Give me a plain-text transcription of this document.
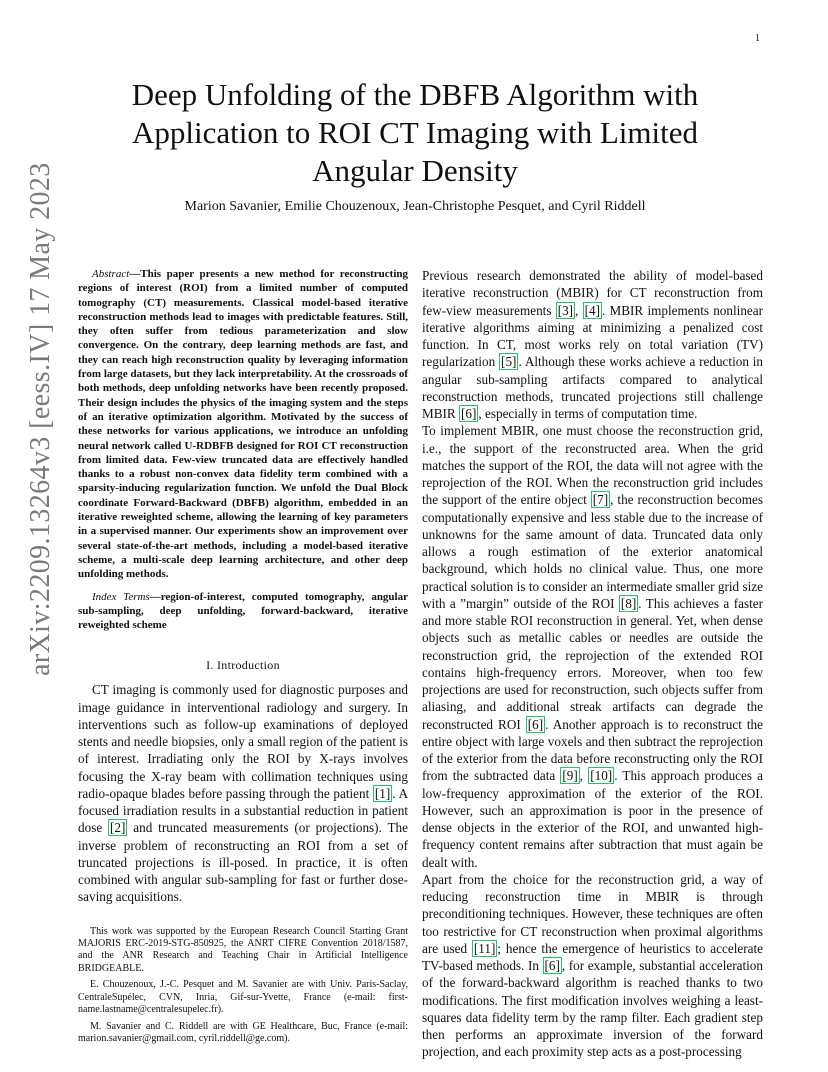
1
arXiv:2209.13264v3 [eess.IV] 17 May 2023
Deep Unfolding of the DBFB Algorithm with Application to ROI CT Imaging with Limited Angular Density
Marion Savanier, Emilie Chouzenoux, Jean-Christophe Pesquet, and Cyril Riddell

Abstract—This paper presents a new method for reconstructing regions of interest (ROI) from a limited number of computed tomography (CT) measurements. Classical model-based iterative reconstruction methods lead to images with predictable features. Still, they often suffer from tedious parameterization and slow convergence. On the contrary, deep learning methods are fast, and they can reach high reconstruction quality by leveraging information from large datasets, but they lack interpretability. At the crossroads of both methods, deep unfolding networks have been recently proposed. Their design includes the physics of the imaging system and the steps of an iterative optimization algorithm. Motivated by the success of these networks for various applications, we introduce an unfolding neural network called U-RDBFB designed for ROI CT reconstruction from limited data. Few-view truncated data are effectively handled thanks to a robust non-convex data fidelity term combined with a sparsity-inducing regularization function. We unfold the Dual Block coordinate Forward-Backward (DBFB) algorithm, embedded in an iterative reweighted scheme, allowing the learning of key parameters in a supervised manner. Our experiments show an improvement over several state-of-the-art methods, including a model-based iterative scheme, a multi-scale deep learning architecture, and other deep unfolding methods.

Index Terms—region-of-interest, computed tomography, angular sub-sampling, deep unfolding, forward-backward, iterative reweighted scheme

I. Introduction

CT imaging is commonly used for diagnostic purposes and image guidance in interventional radiology and surgery. In interventions such as follow-up examinations of deployed stents and needle biopsies, only a small region of the patient is of interest. Irradiating only the ROI by X-rays involves focusing the X-ray beam with collimation techniques using radio-opaque blades before passing through the patient [1] . A focused irradiation results in a substantial reduction in patient dose [2] and truncated measurements (or projections). The inverse problem of reconstructing an ROI from a set of truncated projections is ill-posed. In practice, it is often combined with angular sub-sampling for fast or further dose-saving acquisitions.

This work was supported by the European Research Council Starting Grant MAJORIS ERC-2019-STG-850925, the ANRT CIFRE Convention 2018/1587, and the ANR Research and Teaching Chair in Artificial Intelligence BRIDGEABLE.

E. Chouzenoux, J.-C. Pesquet and M. Savanier are with Univ. Paris-Saclay, CentraleSupélec, CVN, Inria, Gif-sur-Yvette, France (e-mail: first-name.lastname@centralesupelec.fr).

M. Savanier and C. Riddell are with GE Healthcare, Buc, France (e-mail: marion.savanier@gmail.com, cyril.riddell@ge.com).

Previous research demonstrated the ability of model-based iterative reconstruction (MBIR) for CT reconstruction from few-view measurements [3] , [4] . MBIR implements nonlinear iterative algorithms aiming at minimizing a penalized cost function. In CT, most works rely on total variation (TV) regularization [5] . Although these works achieve a reduction in angular sub-sampling artifacts compared to analytical reconstruction methods, truncated projections still challenge MBIR [6] , especially in terms of computation time.

To implement MBIR, one must choose the reconstruction grid, i.e., the support of the reconstructed area. When the grid matches the support of the ROI, the data will not agree with the reprojection of the ROI. When the reconstruction grid includes the support of the entire object [7] , the reconstruction becomes computationally expensive and less stable due to the increase of unknowns for the same amount of data. Truncated data only allows a rough estimation of the exterior anatomical background, which holds no clinical value. Thus, one more practical solution is to consider an intermediate smaller grid size with a ”margin” outside of the ROI [8] . This achieves a faster and more stable ROI reconstruction in general. Yet, when dense objects such as metallic cables or needles are outside the reconstruction grid, the reprojection of the extended ROI contains high-frequency errors. Moreover, when too few projections are used for reconstruction, such objects suffer from aliasing, and additional streak artifacts can degrade the reconstructed ROI [6] . Another approach is to reconstruct the entire object with large voxels and then subtract the reprojection of the exterior from the data before reconstructing only the ROI from the subtracted data [9] , [10] . This approach produces a low-frequency approximation of the exterior of the ROI. However, such an approximation is poor in the presence of dense objects in the exterior of the ROI, and unwanted high-frequency content remains after subtraction that must again be dealt with.

Apart from the choice for the reconstruction grid, a way of reducing reconstruction time in MBIR is through preconditioning techniques. However, these techniques are often too restrictive for CT reconstruction when proximal algorithms are used [11] ; hence the emergence of heuristics to accelerate TV-based methods. In [6] , for example, substantial acceleration of the forward-backward algorithm is reached thanks to two modifications. The first modification involves weighing a least-squares data fidelity term by the ramp filter. Each gradient step then performs an approximate inversion of the forward projection, and each proximity step acts as a post-processing
